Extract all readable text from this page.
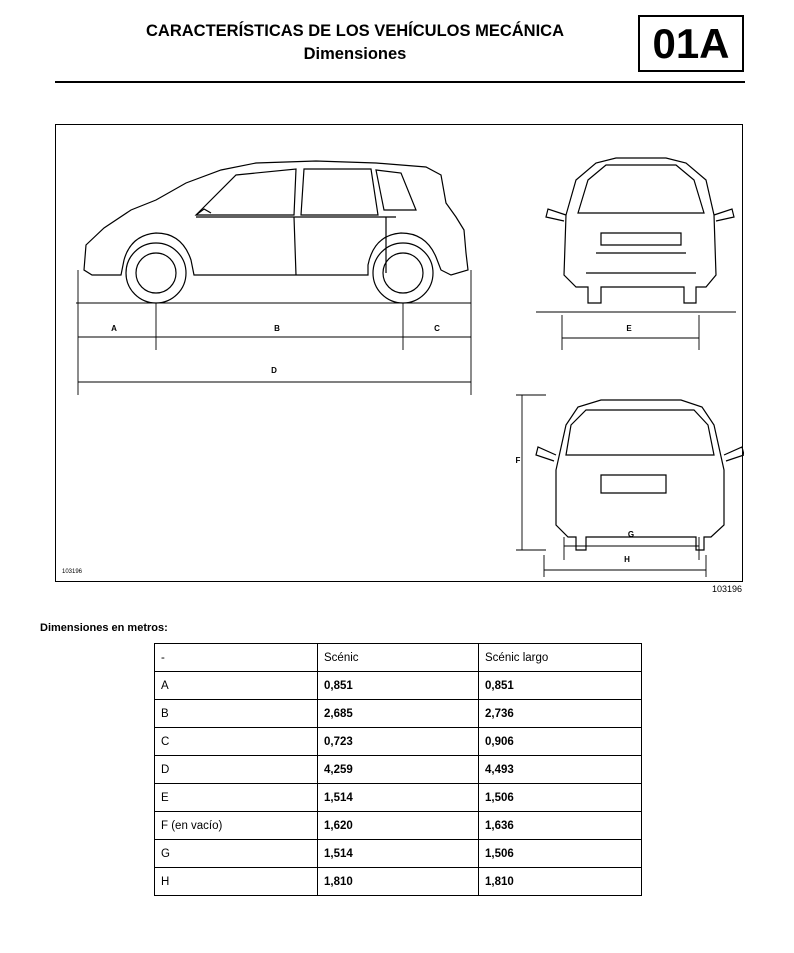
CARACTERÍSTICAS DE LOS VEHÍCULOS MECÁNICA
Dimensiones	01A
A	B	C
D
E
F
G
H
103196
103196
Dimensiones en metros:
-	Scénic	Scénic largo
A	0,851	0,851
B	2,685	2,736
C	0,723	0,906
D	4,259	4,493
E	1,514	1,506
F (en vacío)	1,620	1,636
G	1,514	1,506
H	1,810	1,810
